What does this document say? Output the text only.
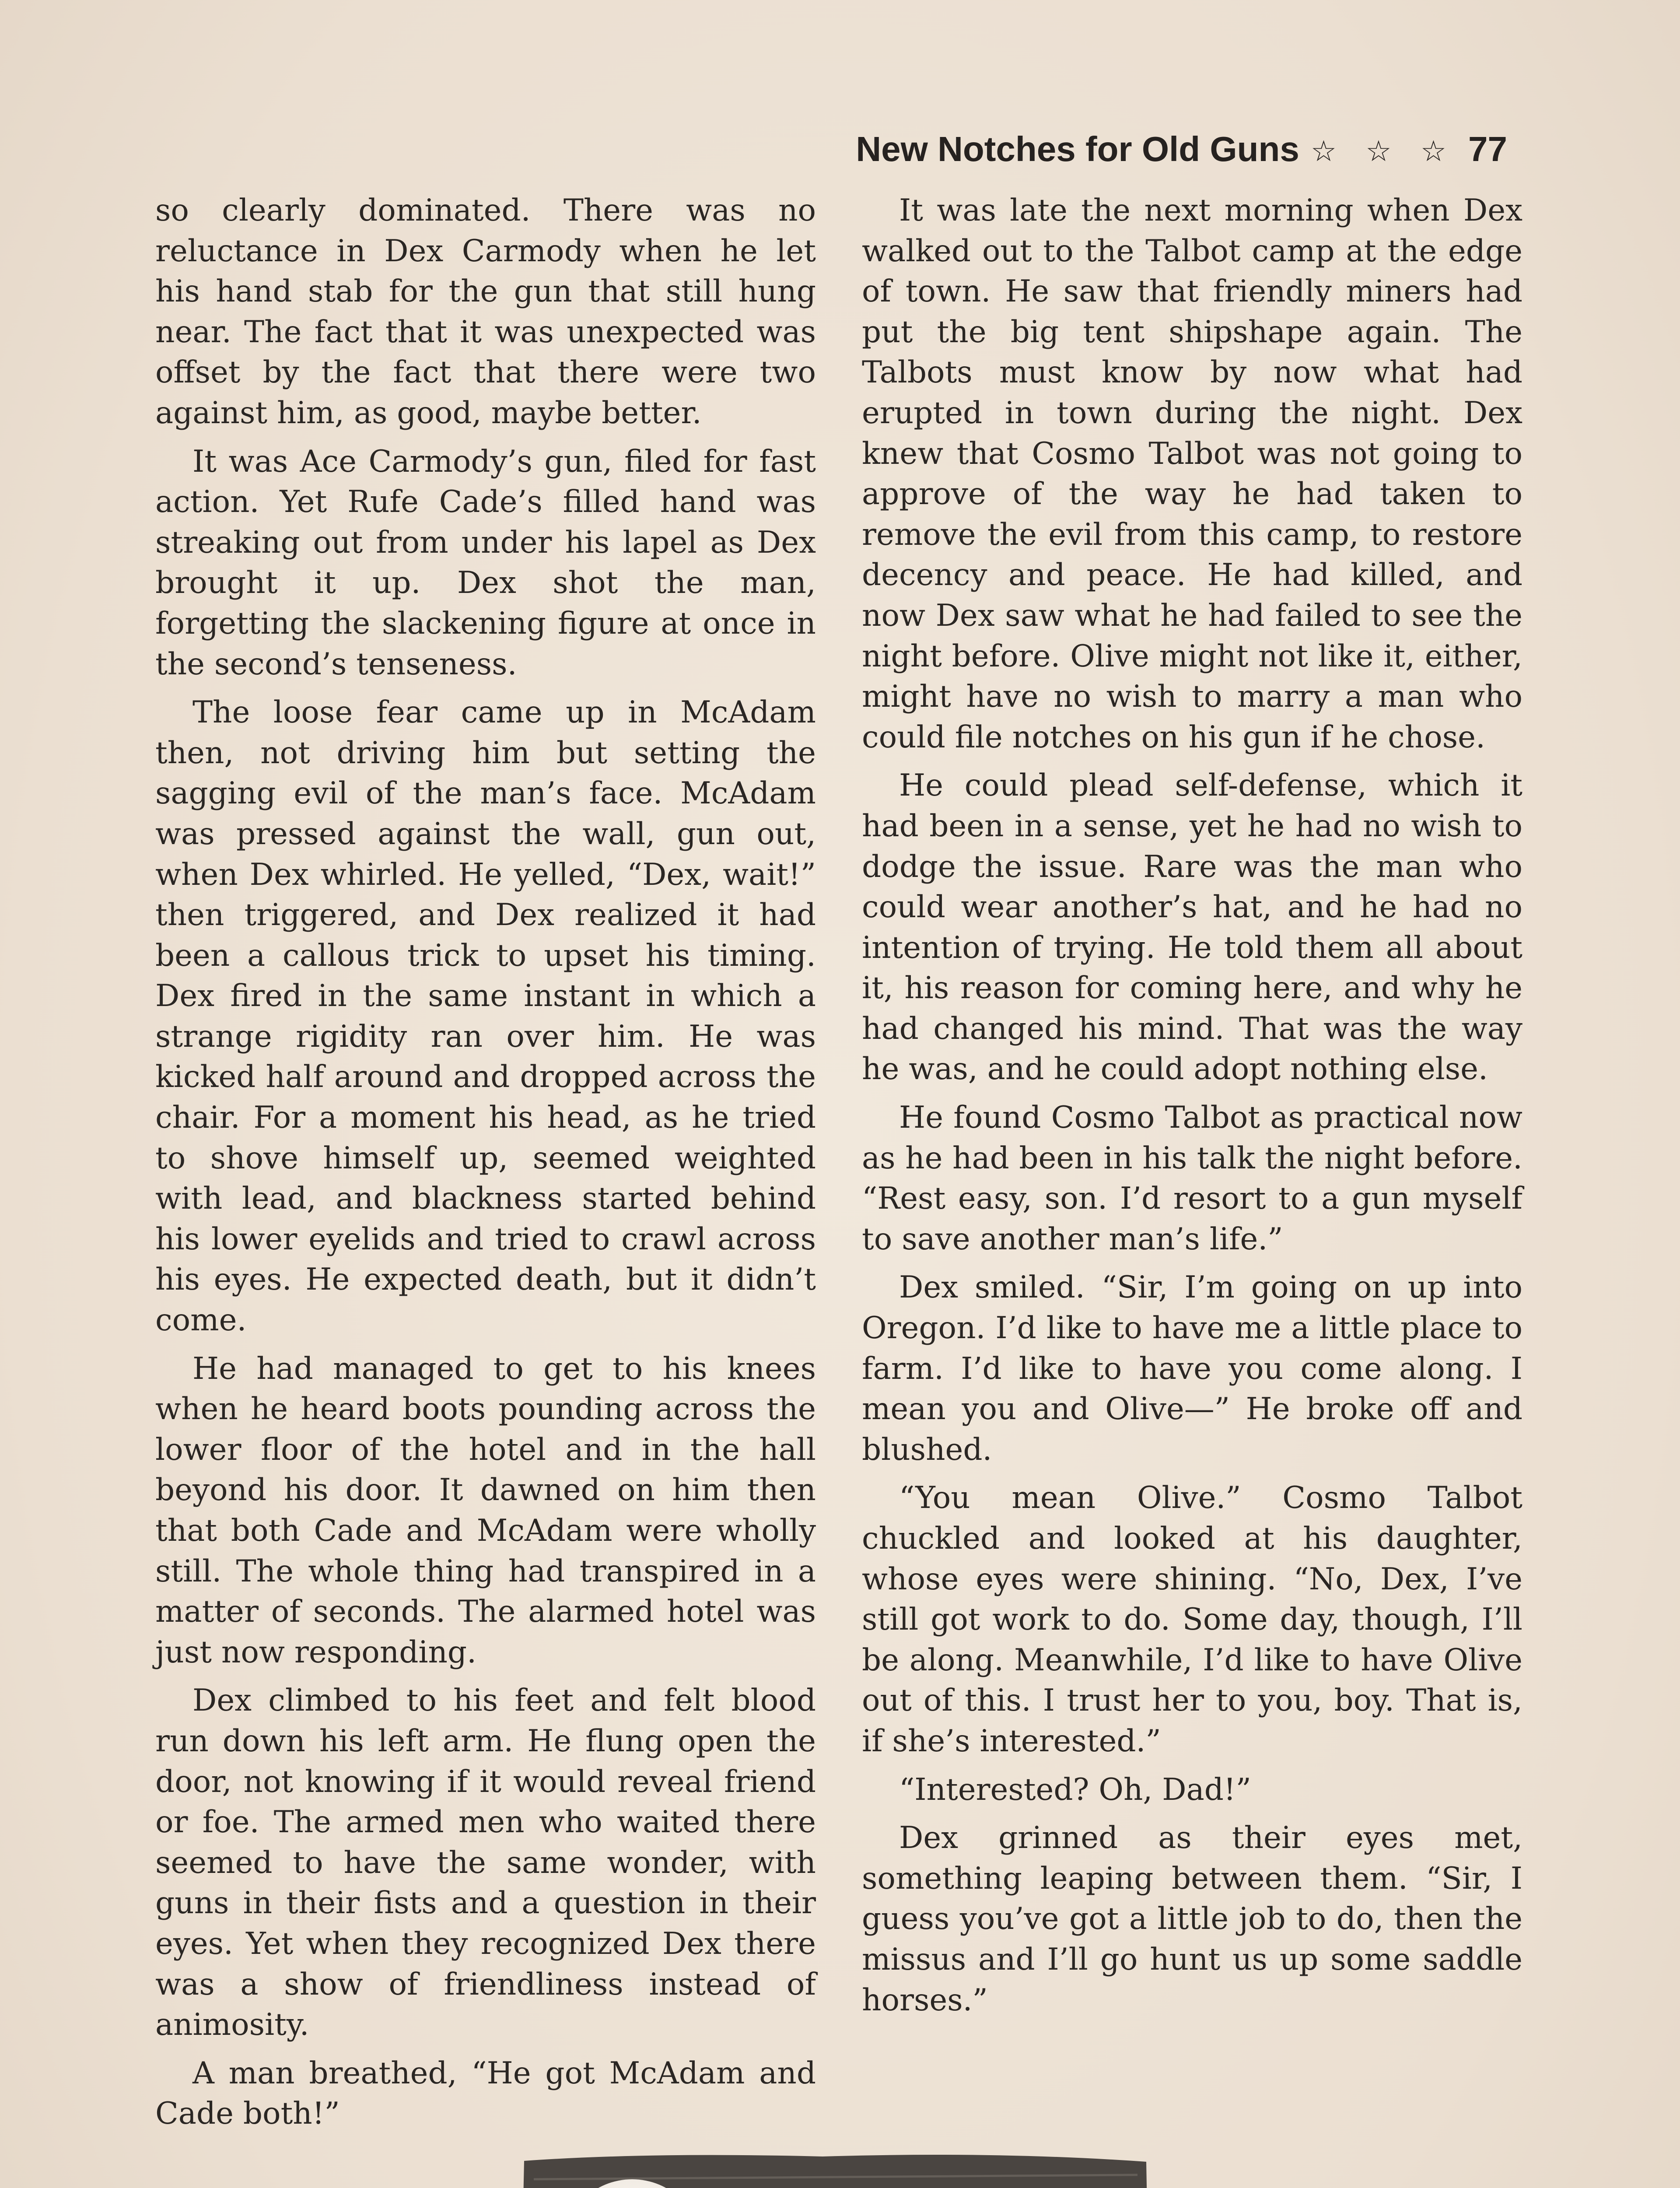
New Notches for Old Guns ☆ ☆ ☆ 77

so clearly dominated. There was no reluctance in Dex Carmody when he let his hand stab for the gun that still hung near. The fact that it was unexpected was offset by the fact that there were two against him, as good, maybe better.

It was Ace Carmody’s gun, filed for fast action. Yet Rufe Cade’s filled hand was streaking out from under his lapel as Dex brought it up. Dex shot the man, forgetting the slackening figure at once in the second’s tenseness.

The loose fear came up in McAdam then, not driving him but setting the sagging evil of the man’s face. McAdam was pressed against the wall, gun out, when Dex whirled. He yelled, “Dex, wait!” then triggered, and Dex realized it had been a callous trick to upset his timing. Dex fired in the same instant in which a strange rigidity ran over him. He was kicked half around and dropped across the chair. For a moment his head, as he tried to shove himself up, seemed weighted with lead, and blackness started behind his lower eyelids and tried to crawl across his eyes. He expected death, but it didn’t come.

He had managed to get to his knees when he heard boots pounding across the lower floor of the hotel and in the hall beyond his door. It dawned on him then that both Cade and McAdam were wholly still. The whole thing had transpired in a matter of seconds. The alarmed hotel was just now responding.

Dex climbed to his feet and felt blood run down his left arm. He flung open the door, not knowing if it would reveal friend or foe. The armed men who waited there seemed to have the same wonder, with guns in their fists and a question in their eyes. Yet when they recognized Dex there was a show of friendliness instead of animosity.

A man breathed, “He got McAdam and Cade both!”

It was late the next morning when Dex walked out to the Talbot camp at the edge of town. He saw that friendly miners had put the big tent shipshape again. The Talbots must know by now what had erupted in town during the night. Dex knew that Cosmo Talbot was not going to approve of the way he had taken to remove the evil from this camp, to restore decency and peace. He had killed, and now Dex saw what he had failed to see the night before. Olive might not like it, either, might have no wish to marry a man who could file notches on his gun if he chose.

He could plead self-defense, which it had been in a sense, yet he had no wish to dodge the issue. Rare was the man who could wear another’s hat, and he had no intention of trying. He told them all about it, his reason for coming here, and why he had changed his mind. That was the way he was, and he could adopt nothing else.

He found Cosmo Talbot as practical now as he had been in his talk the night before. “Rest easy, son. I’d resort to a gun myself to save another man’s life.”

Dex smiled. “Sir, I’m going on up into Oregon. I’d like to have me a little place to farm. I’d like to have you come along. I mean you and Olive—” He broke off and blushed.

“You mean Olive.” Cosmo Talbot chuckled and looked at his daughter, whose eyes were shining. “No, Dex, I’ve still got work to do. Some day, though, I’ll be along. Meanwhile, I’d like to have Olive out of this. I trust her to you, boy. That is, if she’s interested.”

“Interested? Oh, Dad!”

Dex grinned as their eyes met, something leaping between them. “Sir, I guess you’ve got a little job to do, then the missus and I’ll go hunt us up some saddle horses.”
